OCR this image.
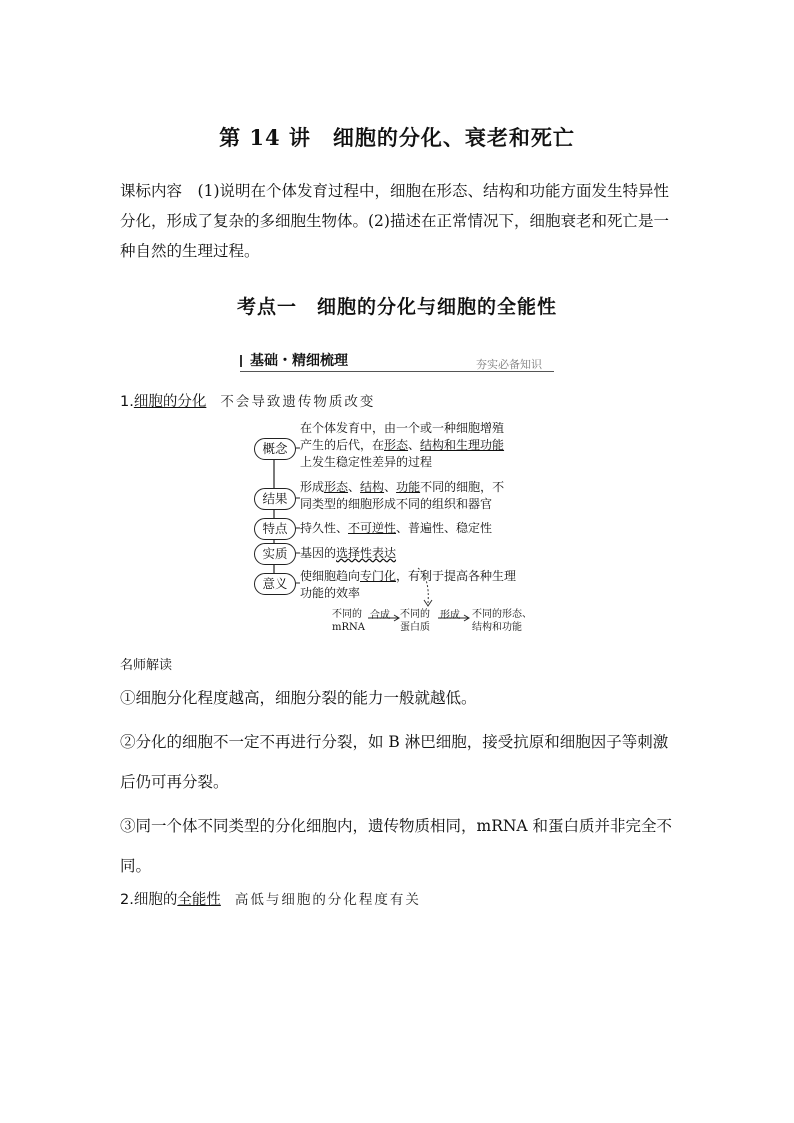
第 14 讲　细胞的分化、衰老和死亡
课标内容　 (1)说明在个体发育过程中，细胞在形态、结构和功能方面发生特异性分化，形成了复杂的多细胞生物体。(2)描述在正常情况下，细胞衰老和死亡是一种自然的生理过程。
考点一　细胞的分化与细胞的全能性
基础・精细梳理	夯实必备知识
1.细胞的分化 不会导致遗传物质改变
概念
在个体发育中，由一个或一种细胞增殖
产生的后代，在形态、结构和生理功能
上发生稳定性差异的过程
结果
形成形态、结构、功能不同的细胞，不
同类型的细胞形成不同的组织和器官
特点	持久性、不可逆性、普遍性、稳定性
实质	基因的选择性表达
意义	使细胞趋向专门化，有利于提高各种生理
功能的效率
不同的
mRNA
合成 不同的
蛋白质
形成 不同的形态、
结构和功能
名师解读
①细胞分化程度越高，细胞分裂的能力一般就越低。
②分化的细胞不一定不再进行分裂，如 B 淋巴细胞，接受抗原和细胞因子等刺激后仍可再分裂。
③同一个体不同类型的分化细胞内，遗传物质相同，mRNA 和蛋白质并非完全不同。
2.细胞的全能性 高低与细胞的分化程度有关
